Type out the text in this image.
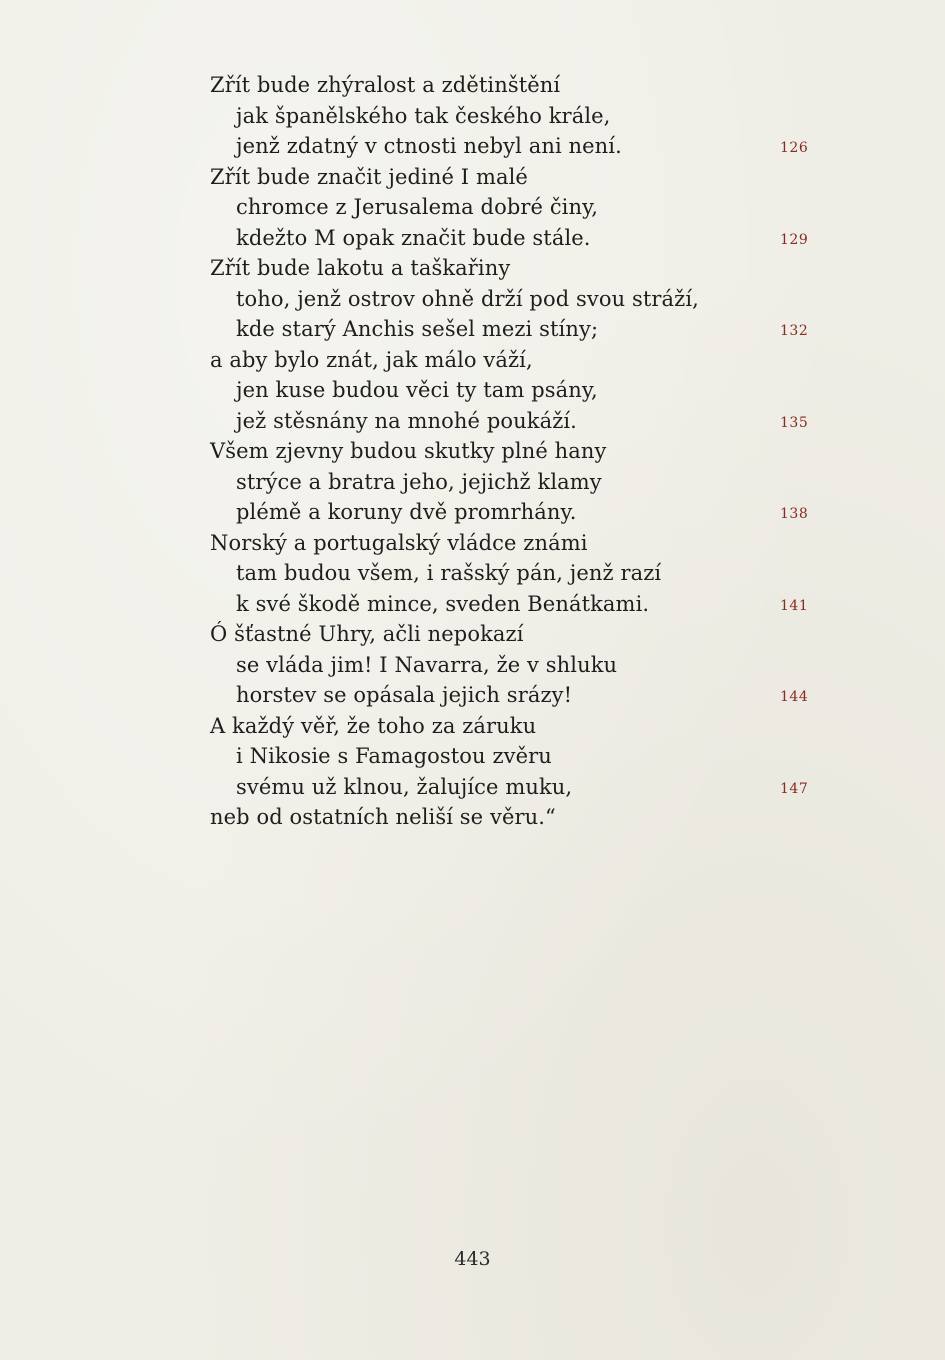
Zřít bude zhýralost a zdětinštění
jak španělského tak českého krále,
jenž zdatný v ctnosti nebyl ani není.	126
Zřít bude značit jediné I malé
chromce z Jerusalema dobré činy,
kdežto M opak značit bude stále.	129
Zřít bude lakotu a taškařiny
toho, jenž ostrov ohně drží pod svou stráží,
kde starý Anchis sešel mezi stíny;	132
a aby bylo znát, jak málo váží,
jen kuse budou věci ty tam psány,
jež stěsnány na mnohé poukáží.	135
Všem zjevny budou skutky plné hany
strýce a bratra jeho, jejichž klamy
plémě a koruny dvě promrhány.	138
Norský a portugalský vládce známi
tam budou všem, i rašský pán, jenž razí
k své škodě mince, sveden Benátkami.	141
Ó šťastné Uhry, ačli nepokazí
se vláda jim! I Navarra, že v shluku
horstev se opásala jejich srázy!	144
A každý věř, že toho za záruku
i Nikosie s Famagostou zvěru
svému už klnou, žalujíce muku,	147
neb od ostatních neliší se věru.“
443
